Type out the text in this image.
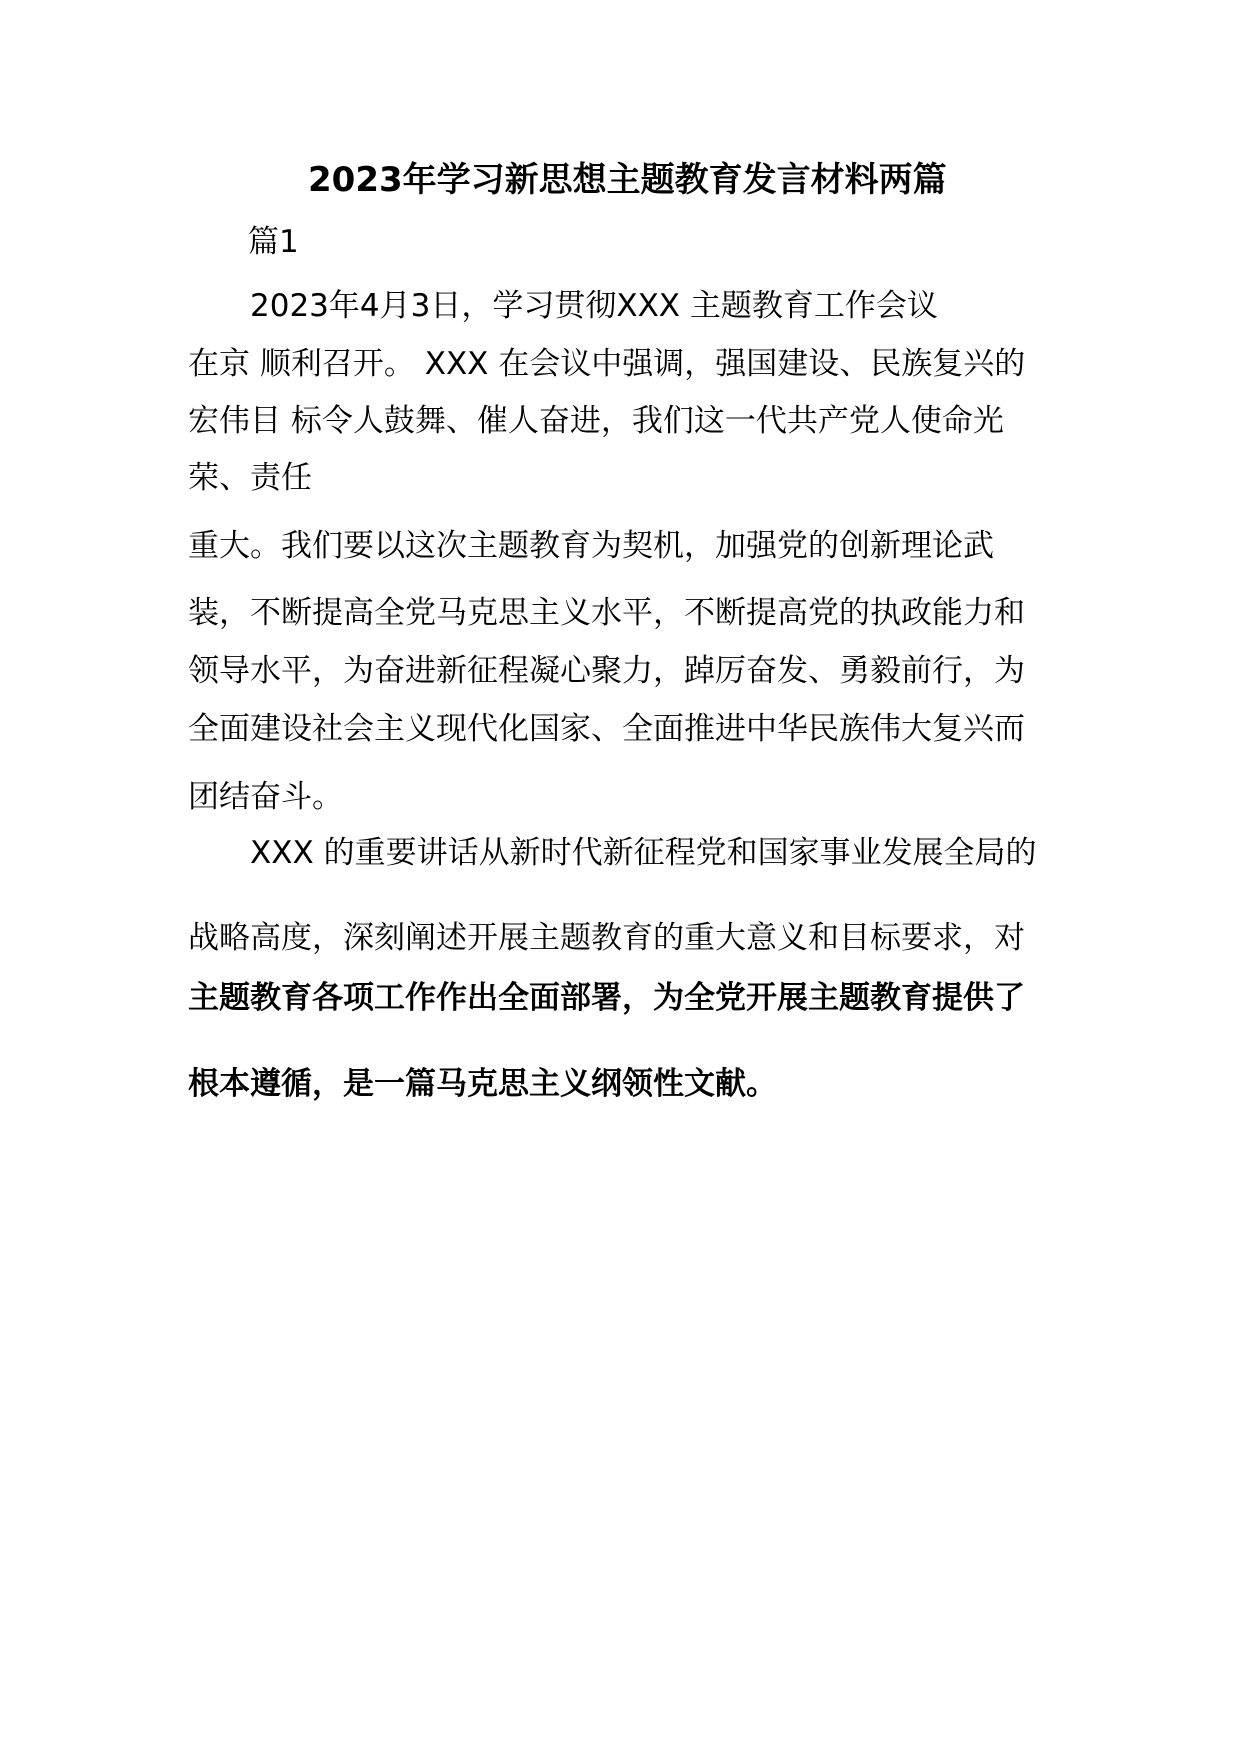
2023年学习新思想主题教育发言材料两篇
篇1
2023年4月3日，学习贯彻XXX 主题教育工作会议
在京 顺利召开。 XXX 在会议中强调，强国建设、民族复兴的
宏伟目 标令人鼓舞、催人奋进，我们这一代共产党人使命光
荣、责任
重大。我们要以这次主题教育为契机，加强党的创新理论武
装，不断提高全党马克思主义水平，不断提高党的执政能力和
领导水平，为奋进新征程凝心聚力，踔厉奋发、勇毅前行，为
全面建设社会主义现代化国家、全面推进中华民族伟大复兴而
团结奋斗。
XXX 的重要讲话从新时代新征程党和国家事业发展全局的
战略高度，深刻阐述开展主题教育的重大意义和目标要求，对
主题教育各项工作作出全面部署，为全党开展主题教育提供了
根本遵循，是一篇马克思主义纲领性文献。
